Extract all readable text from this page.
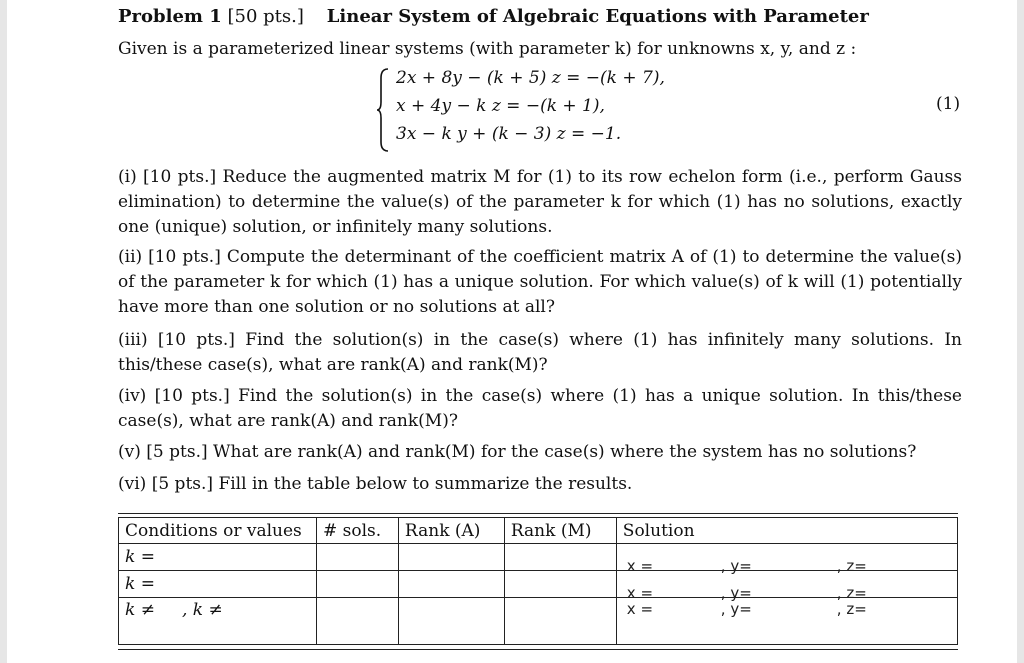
Problem 1 [50 pts.] Linear System of Algebraic Equations with Parameter
Given is a parameterized linear systems (with parameter k) for unknowns x, y, and z :
2x + 8y − (k + 5) z = −(k + 7),
x + 4y − k z = −(k + 1),
3x − k y + (k − 3) z = −1.
(1)
(i) [10 pts.] Reduce the augmented matrix M for (1) to its row echelon form (i.e., perform Gauss elimination) to determine the value(s) of the parameter k for which (1) has no solutions, exactly one (unique) solution, or infinitely many solutions.
(ii) [10 pts.] Compute the determinant of the coefficient matrix A of (1) to determine the value(s) of the parameter k for which (1) has a unique solution. For which value(s) of k will (1) potentially have more than one solution or no solutions at all?
(iii) [10 pts.] Find the solution(s) in the case(s) where (1) has infinitely many solutions. In this/these case(s), what are rank(A) and rank(M)?
(iv) [10 pts.] Find the solution(s) in the case(s) where (1) has a unique solution. In this/these case(s), what are rank(A) and rank(M)?
(v) [5 pts.] What are rank(A) and rank(M) for the case(s) where the system has no solutions?
(vi) [5 pts.] Fill in the table below to summarize the results.
Conditions or values	# sols.	Rank (A)	Rank (M)	Solution
k =				x = , y= , z=

k =				x = , y= , z=

k ≠     , k ≠				x = , y= , z=
